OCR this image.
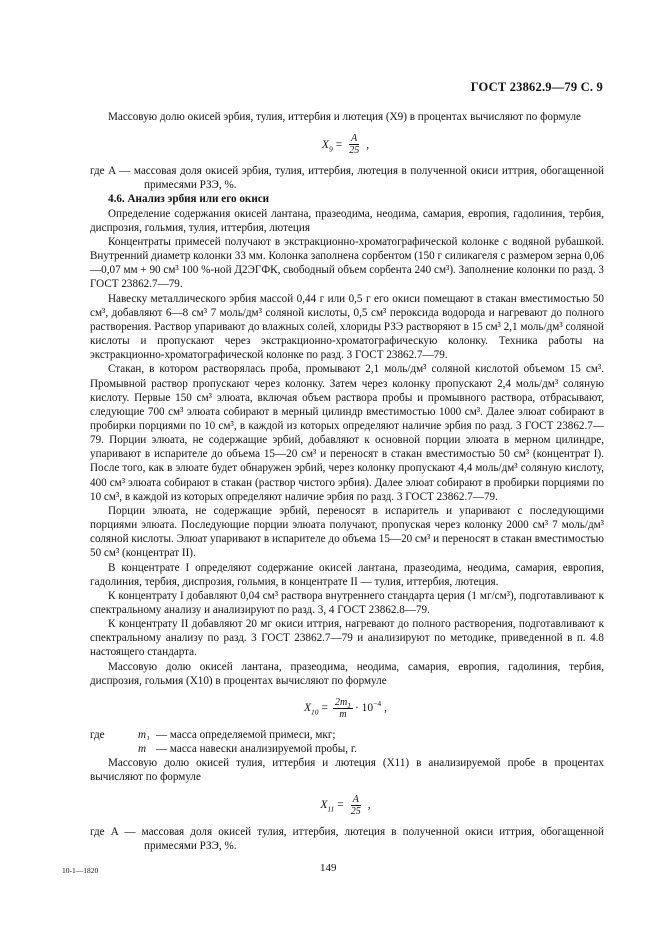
ГОСТ 23862.9—79 С. 9

Массовую долю окисей эрбия, тулия, иттербия и лютеция (X9) в процентах вычисляют по формуле

$X_9 = \frac{A}{25}$ ,

где A — массовая доля окисей эрбия, тулия, иттербия, лютеция в полученной окиси иттрия, обогащенной примесями РЗЭ, %.

4.6. Анализ эрбия или его окиси

Определение содержания окисей лантана, празеодима, неодима, самария, европия, гадолиния, тербия, диспрозия, гольмия, тулия, иттербия, лютеция

Концентраты примесей получают в экстракционно-хроматографической колонке с водяной рубашкой. Внутренний диаметр колонки 33 мм. Колонка заполнена сорбентом (150 г силикагеля с размером зерна 0,06—0,07 мм + 90 см³ 100 %-ной Д2ЭГФК, свободный объем сорбента 240 см³). Заполнение колонки по разд. 3 ГОСТ 23862.7—79.

Навеску металлического эрбия массой 0,44 г или 0,5 г его окиси помещают в стакан вместимостью 50 см³, добавляют 6—8 см³ 7 моль/дм³ соляной кислоты, 0,5 см³ пероксида водорода и нагревают до полного растворения. Раствор упаривают до влажных солей, хлориды РЗЭ растворяют в 15 см³ 2,1 моль/дм³ соляной кислоты и пропускают через экстракционно-хроматографическую колонку. Техника работы на экстракционно-хроматографической колонке по разд. 3 ГОСТ 23862.7—79.

Стакан, в котором растворялась проба, промывают 2,1 моль/дм³ соляной кислотой объемом 15 см³. Промывной раствор пропускают через колонку. Затем через колонку пропускают 2,4 моль/дм³ соляную кислоту. Первые 150 см³ элюата, включая объем раствора пробы и промывного раствора, отбрасывают, следующие 700 см³ элюата собирают в мерный цилиндр вместимостью 1000 см³. Далее элюат собирают в пробирки порциями по 10 см³, в каждой из которых определяют наличие эрбия по разд. 3 ГОСТ 23862.7—79. Порции элюата, не содержащие эрбий, добавляют к основной порции элюата в мерном цилиндре, упаривают в испарителе до объема 15—20 см³ и переносят в стакан вместимостью 50 см³ (концентрат I). После того, как в элюате будет обнаружен эрбий, через колонку пропускают 4,4 моль/дм³ соляную кислоту, 400 см³ элюата собирают в стакан (раствор чистого эрбия). Далее элюат собирают в пробирки порциями по 10 см³, в каждой из которых определяют наличие эрбия по разд. 3 ГОСТ 23862.7—79.

Порции элюата, не содержащие эрбий, переносят в испаритель и упаривают с последующими порциями элюата. Последующие порции элюата получают, пропуская через колонку 2000 см³ 7 моль/дм³ соляной кислоты. Элюат упаривают в испарителе до объема 15—20 см³ и переносят в стакан вместимостью 50 см³ (концентрат II).

В концентрате I определяют содержание окисей лантана, празеодима, неодима, самария, европия, гадолиния, тербия, диспрозия, гольмия, в концентрате II — тулия, иттербия, лютеция.

К концентрату I добавляют 0,04 см³ раствора внутреннего стандарта церия (1 мг/см³), подготавливают к спектральному анализу и анализируют по разд. 3, 4 ГОСТ 23862.8—79.

К концентрату II добавляют 20 мг окиси иттрия, нагревают до полного растворения, подготавливают к спектральному анализу по разд. 3 ГОСТ 23862.7—79 и анализируют по методике, приведенной в п. 4.8 настоящего стандарта.

Массовую долю окисей лантана, празеодима, неодима, самария, европия, гадолиния, тербия, диспрозия, гольмия (X10) в процентах вычисляют по формуле

$X_{10} = \frac{2m_1}{m} \cdot 10^{-4}$ ,
где	m₁ — масса определяемой примеси, мкг;
m — масса навески анализируемой пробы, г.

Массовую долю окисей тулия, иттербия и лютеция (X11) в анализируемой пробе в процентах вычисляют по формуле

$X_{11} = \frac{A}{25}$ ,

где A — массовая доля окисей тулия, иттербия, лютеция в полученной окиси иттрия, обогащенной примесями РЗЭ, %.

10-1—1820	149
